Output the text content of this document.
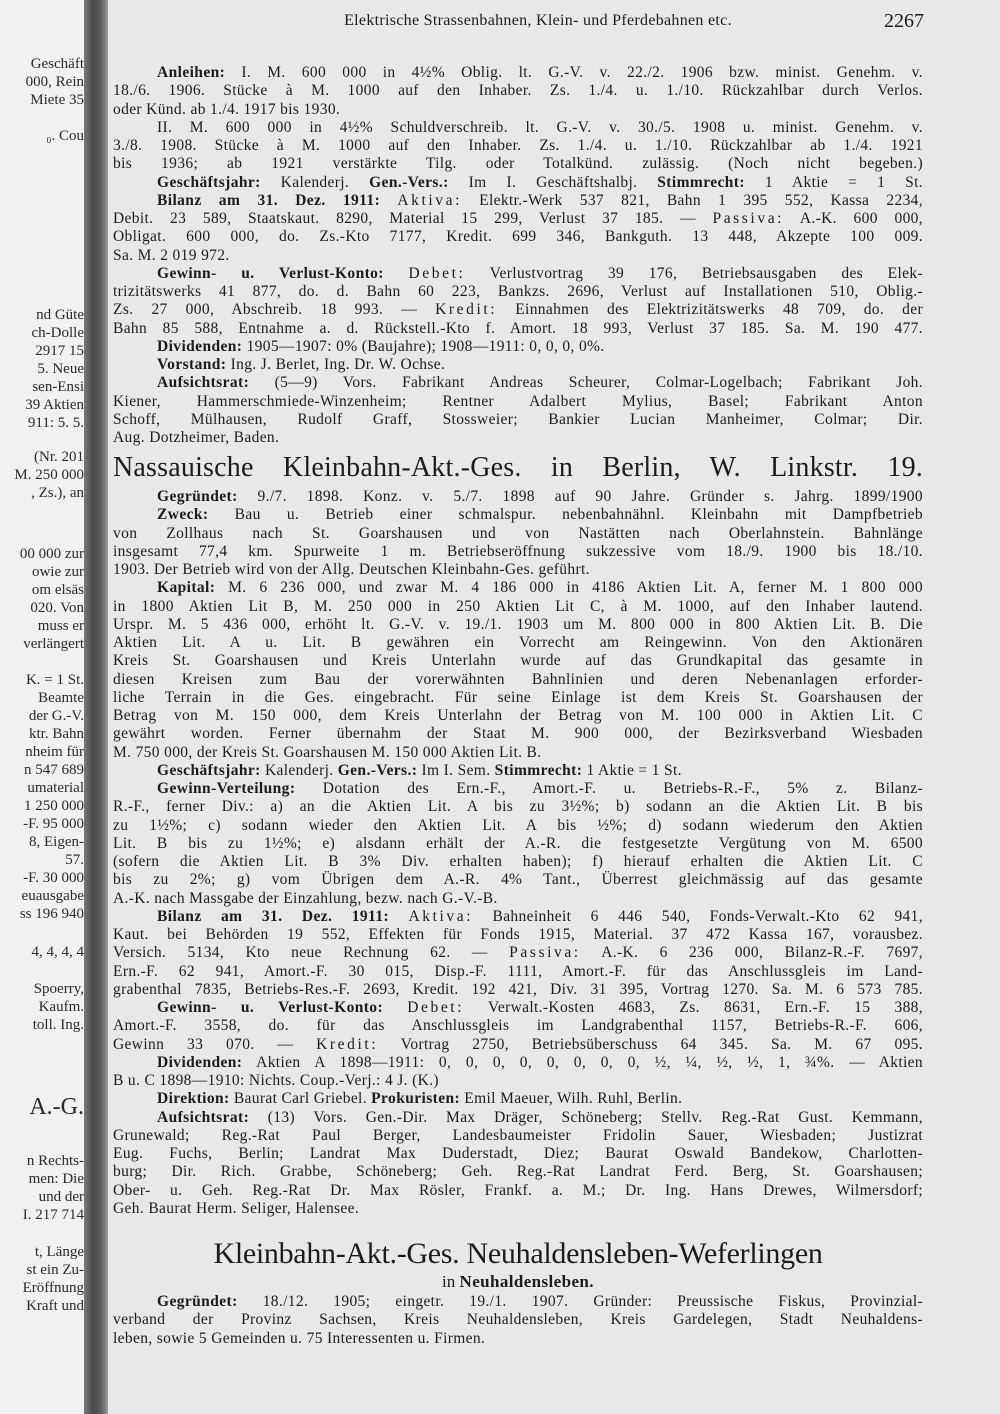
Geschäft
000, Rein
Miete 35
₀. Cou
nd Güte
ch-Dolle
2917 15
5. Neue
sen-Ensi
39 Aktien
911: 5. 5.
(Nr. 201
M. 250 000
, Zs.), an
00 000 zur
owie zur
om elsäs
020. Von
muss er
verlängert
K. = 1 St.
Beamte
der G.-V.
ktr. Bahn
nheim für
n 547 689
umaterial
1 250 000
-F. 95 000
8, Eigen-
57.
-F. 30 000
euausgabe
ss 196 940
4, 4, 4, 4
Spoerry,
Kaufm.
toll. Ing.
A.-G.
n Rechts-
men: Die
und der
I. 217 714
t, Länge
st ein Zu-
Eröffnung
Kraft und
Elektrische Strassenbahnen, Klein- und Pferdebahnen etc.	2267
Anleihen: I. M. 600 000 in 4½% Oblig. lt. G.-V. v. 22./2. 1906 bzw. minist. Genehm. v.
18./6. 1906. Stücke à M. 1000 auf den Inhaber. Zs. 1./4. u. 1./10. Rückzahlbar durch Verlos.
oder Künd. ab 1./4. 1917 bis 1930.
II. M. 600 000 in 4½% Schuldverschreib. lt. G.-V. v. 30./5. 1908 u. minist. Genehm. v.
3./8. 1908. Stücke à M. 1000 auf den Inhaber. Zs. 1./4. u. 1./10. Rückzahlbar ab 1./4. 1921
bis 1936; ab 1921 verstärkte Tilg. oder Totalkünd. zulässig. (Noch nicht begeben.)
Geschäftsjahr: Kalenderj. Gen.-Vers.: Im I. Geschäftshalbj. Stimmrecht: 1 Aktie = 1 St.
Bilanz am 31. Dez. 1911: Aktiva: Elektr.-Werk 537 821, Bahn 1 395 552, Kassa 2234,
Debit. 23 589, Staatskaut. 8290, Material 15 299, Verlust 37 185. — Passiva: A.-K. 600 000,
Obligat. 600 000, do. Zs.-Kto 7177, Kredit. 699 346, Bankguth. 13 448, Akzepte 100 009.
Sa. M. 2 019 972.
Gewinn- u. Verlust-Konto: Debet: Verlustvortrag 39 176, Betriebsausgaben des Elek-
trizitätswerks 41 877, do. d. Bahn 60 223, Bankzs. 2696, Verlust auf Installationen 510, Oblig.-
Zs. 27 000, Abschreib. 18 993. — Kredit: Einnahmen des Elektrizitätswerks 48 709, do. der
Bahn 85 588, Entnahme a. d. Rückstell.-Kto f. Amort. 18 993, Verlust 37 185. Sa. M. 190 477.
Dividenden: 1905—1907: 0% (Baujahre); 1908—1911: 0, 0, 0, 0%.
Vorstand: Ing. J. Berlet, Ing. Dr. W. Ochse.
Aufsichtsrat: (5—9) Vors. Fabrikant Andreas Scheurer, Colmar-Logelbach; Fabrikant Joh.
Kiener, Hammerschmiede-Winzenheim; Rentner Adalbert Mylius, Basel; Fabrikant Anton
Schoff, Mülhausen, Rudolf Graff, Stossweier; Bankier Lucian Manheimer, Colmar; Dir.
Aug. Dotzheimer, Baden.
Nassauische Kleinbahn-Akt.-Ges. in Berlin, W. Linkstr. 19.
Gegründet: 9./7. 1898. Konz. v. 5./7. 1898 auf 90 Jahre. Gründer s. Jahrg. 1899/1900
Zweck: Bau u. Betrieb einer schmalspur. nebenbahnähnl. Kleinbahn mit Dampfbetrieb
von Zollhaus nach St. Goarshausen und von Nastätten nach Oberlahnstein. Bahnlänge
insgesamt 77,4 km. Spurweite 1 m. Betriebseröffnung sukzessive vom 18./9. 1900 bis 18./10.
1903. Der Betrieb wird von der Allg. Deutschen Kleinbahn-Ges. geführt.
Kapital: M. 6 236 000, und zwar M. 4 186 000 in 4186 Aktien Lit. A, ferner M. 1 800 000
in 1800 Aktien Lit B, M. 250 000 in 250 Aktien Lit C, à M. 1000, auf den Inhaber lautend.
Urspr. M. 5 436 000, erhöht lt. G.-V. v. 19./1. 1903 um M. 800 000 in 800 Aktien Lit. B. Die
Aktien Lit. A u. Lit. B gewähren ein Vorrecht am Reingewinn. Von den Aktionären
Kreis St. Goarshausen und Kreis Unterlahn wurde auf das Grundkapital das gesamte in
diesen Kreisen zum Bau der vorerwähnten Bahnlinien und deren Nebenanlagen erforder-
liche Terrain in die Ges. eingebracht. Für seine Einlage ist dem Kreis St. Goarshausen der
Betrag von M. 150 000, dem Kreis Unterlahn der Betrag von M. 100 000 in Aktien Lit. C
gewährt worden. Ferner übernahm der Staat M. 900 000, der Bezirksverband Wiesbaden
M. 750 000, der Kreis St. Goarshausen M. 150 000 Aktien Lit. B.
Geschäftsjahr: Kalenderj. Gen.-Vers.: Im I. Sem. Stimmrecht: 1 Aktie = 1 St.
Gewinn-Verteilung: Dotation des Ern.-F., Amort.-F. u. Betriebs-R.-F., 5% z. Bilanz-
R.-F., ferner Div.: a) an die Aktien Lit. A bis zu 3½%; b) sodann an die Aktien Lit. B bis
zu 1½%; c) sodann wieder den Aktien Lit. A bis ½%; d) sodann wiederum den Aktien
Lit. B bis zu 1½%; e) alsdann erhält der A.-R. die festgesetzte Vergütung von M. 6500
(sofern die Aktien Lit. B 3% Div. erhalten haben); f) hierauf erhalten die Aktien Lit. C
bis zu 2%; g) vom Übrigen dem A.-R. 4% Tant., Überrest gleichmässig auf das gesamte
A.-K. nach Massgabe der Einzahlung, bezw. nach G.-V.-B.
Bilanz am 31. Dez. 1911: Aktiva: Bahneinheit 6 446 540, Fonds-Verwalt.-Kto 62 941,
Kaut. bei Behörden 19 552, Effekten für Fonds 1915, Material. 37 472 Kassa 167, vorausbez.
Versich. 5134, Kto neue Rechnung 62. — Passiva: A.-K. 6 236 000, Bilanz-R.-F. 7697,
Ern.-F. 62 941, Amort.-F. 30 015, Disp.-F. 1111, Amort.-F. für das Anschlussgleis im Land-
grabenthal 7835, Betriebs-Res.-F. 2693, Kredit. 192 421, Div. 31 395, Vortrag 1270. Sa. M. 6 573 785.
Gewinn- u. Verlust-Konto: Debet: Verwalt.-Kosten 4683, Zs. 8631, Ern.-F. 15 388,
Amort.-F. 3558, do. für das Anschlussgleis im Landgrabenthal 1157, Betriebs-R.-F. 606,
Gewinn 33 070. — Kredit: Vortrag 2750, Betriebsüberschuss 64 345. Sa. M. 67 095.
Dividenden: Aktien A 1898—1911: 0, 0, 0, 0, 0, 0, 0, 0, ½, ¼, ½, ½, 1, ¾%. — Aktien
B u. C 1898—1910: Nichts. Coup.-Verj.: 4 J. (K.)
Direktion: Baurat Carl Griebel. Prokuristen: Emil Maeuer, Wilh. Ruhl, Berlin.
Aufsichtsrat: (13) Vors. Gen.-Dir. Max Dräger, Schöneberg; Stellv. Reg.-Rat Gust. Kemmann,
Grunewald; Reg.-Rat Paul Berger, Landesbaumeister Fridolin Sauer, Wiesbaden; Justizrat
Eug. Fuchs, Berlin; Landrat Max Duderstadt, Diez; Baurat Oswald Bandekow, Charlotten-
burg; Dir. Rich. Grabbe, Schöneberg; Geh. Reg.-Rat Landrat Ferd. Berg, St. Goarshausen;
Ober- u. Geh. Reg.-Rat Dr. Max Rösler, Frankf. a. M.; Dr. Ing. Hans Drewes, Wilmersdorf;
Geh. Baurat Herm. Seliger, Halensee.
Kleinbahn-Akt.-Ges. Neuhaldensleben-Weferlingen
in Neuhaldensleben.
Gegründet: 18./12. 1905; eingetr. 19./1. 1907. Gründer: Preussische Fiskus, Provinzial-
verband der Provinz Sachsen, Kreis Neuhaldensleben, Kreis Gardelegen, Stadt Neuhaldens-
leben, sowie 5 Gemeinden u. 75 Interessenten u. Firmen.
